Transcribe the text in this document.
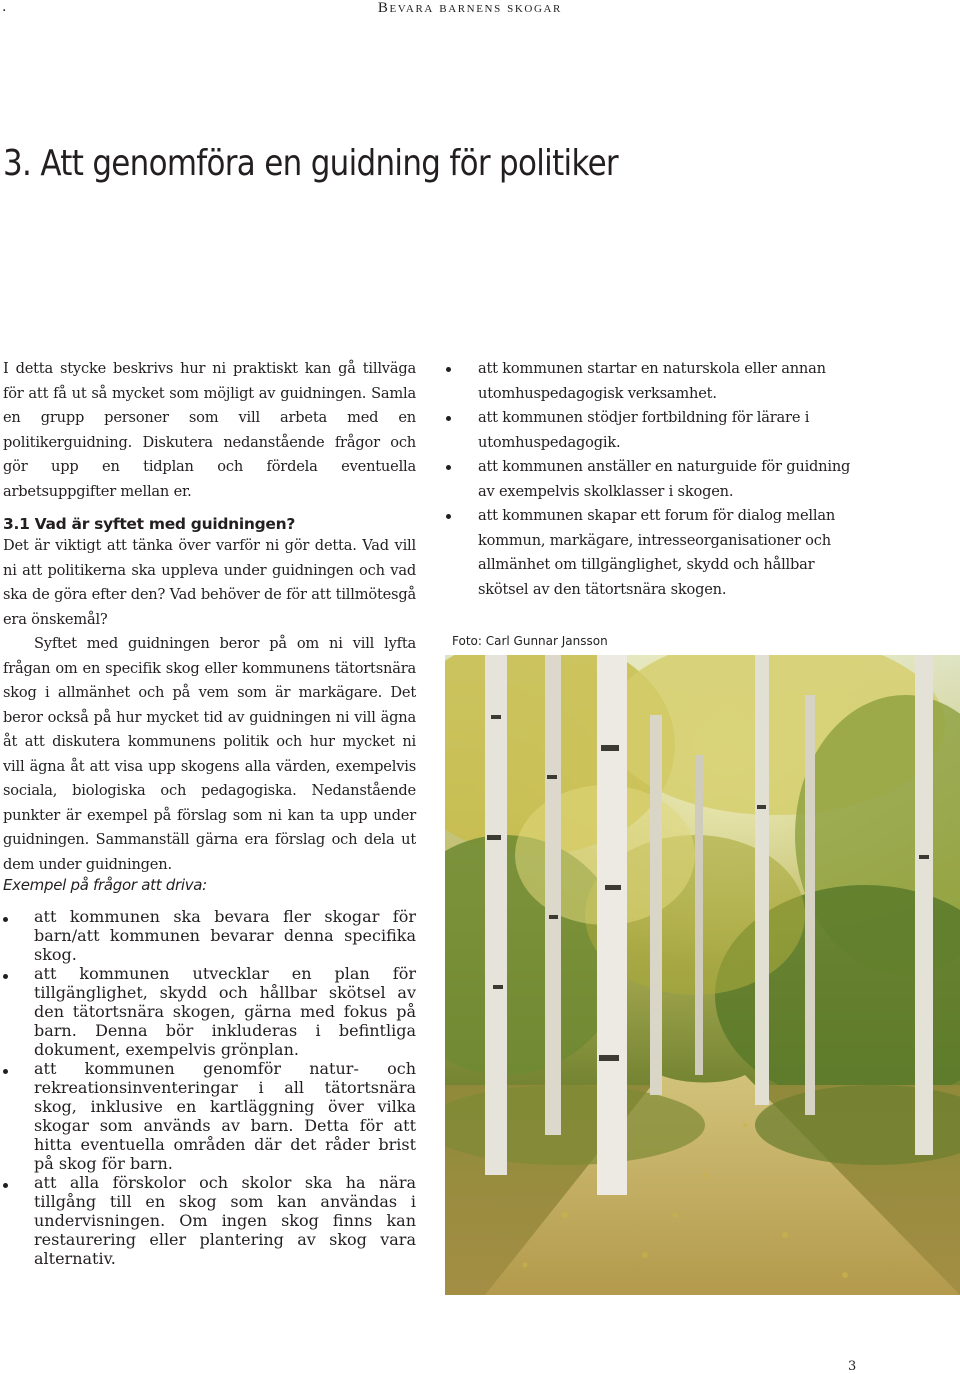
.	Bevara barnens skogar
3. Att genomföra en guidning för politiker

I detta stycke beskrivs hur ni praktiskt kan gå tillväga för att få ut så mycket som möjligt av guidningen. Samla en grupp personer som vill arbeta med en politikerguidning. Diskutera nedanstående frågor och gör upp en tidplan och fördela eventuella arbetsuppgifter mellan er.

3.1 Vad är syftet med guidningen?

Det är viktigt att tänka över varför ni gör detta. Vad vill ni att politikerna ska uppleva under guidningen och vad ska de göra efter den? Vad behöver de för att tillmötesgå era önskemål?

Syftet med guidningen beror på om ni vill lyfta frågan om en specifik skog eller kommunens tätortsnära skog i allmänhet och på vem som är markägare. Det beror också på hur mycket tid av guidningen ni vill ägna åt att diskutera kommunens politik och hur mycket ni vill ägna åt att visa upp skogens alla värden, exempelvis sociala, biologiska och pedagogiska. Nedanstående punkter är exempel på förslag som ni kan ta upp under guidningen. Sammanställ gärna era förslag och dela ut dem under guidningen.

Exempel på frågor att driva:
att kommunen ska bevara fler skogar för barn/att kommunen bevarar denna specifika skog.
att kommunen utvecklar en plan för tillgänglighet, skydd och hållbar skötsel av den tätortsnära skogen, gärna med fokus på barn. Denna bör inkluderas i befintliga dokument, exempelvis grönplan.
att kommunen genomför natur- och rekreationsinventeringar i all tätortsnära skog, inklusive en kartläggning över vilka skogar som används av barn. Detta för att hitta eventuella områden där det råder brist på skog för barn.
att alla förskolor och skolor ska ha nära tillgång till en skog som kan användas i undervisningen. Om ingen skog finns kan restaurering eller plantering av skog vara alternativ.
att kommunen startar en naturskola eller annan utomhuspedagogisk verksamhet.
att kommunen stödjer fortbildning för lärare i utomhuspedagogik.
att kommunen anställer en naturguide för guidning av exempelvis skolklasser i skogen.
att kommunen skapar ett forum för dialog mellan kommun, markägare, intresseorganisationer och allmänhet om tillgänglighet, skydd och hållbar skötsel av den tätortsnära skogen.
Foto: Carl Gunnar Jansson
3
